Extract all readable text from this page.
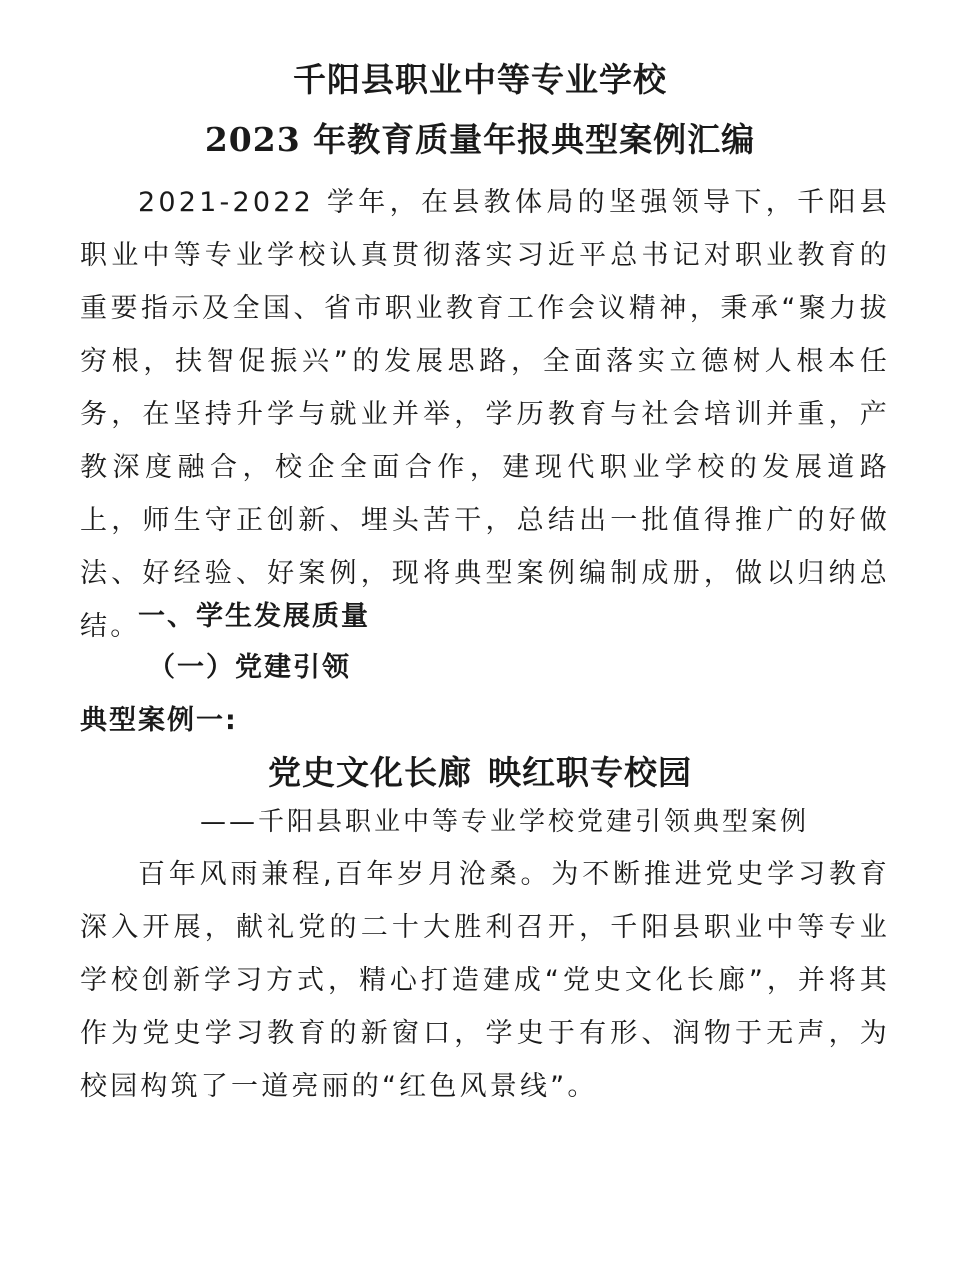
千阳县职业中等专业学校
2023 年教育质量年报典型案例汇编

2021-2022 学年，在县教体局的坚强领导下，千阳县职业中等专业学校认真贯彻落实习近平总书记对职业教育的重要指示及全国、省市职业教育工作会议精神，秉承“聚力拔穷根，扶智促振兴”的发展思路，全面落实立德树人根本任务，在坚持升学与就业并举，学历教育与社会培训并重，产教深度融合，校企全面合作，建现代职业学校的发展道路上，师生守正创新、埋头苦干，总结出一批值得推广的好做法、好经验、好案例，现将典型案例编制成册，做以归纳总结。

一、学生发展质量
（一）党建引领
典型案例一:
党史文化长廊 映红职专校园
——千阳县职业中等专业学校党建引领典型案例

百年风雨兼程,百年岁月沧桑。为不断推进党史学习教育深入开展，献礼党的二十大胜利召开，千阳县职业中等专业学校创新学习方式，精心打造建成“党史文化长廊”，并将其作为党史学习教育的新窗口，学史于有形、润物于无声，为校园构筑了一道亮丽的“红色风景线”。
